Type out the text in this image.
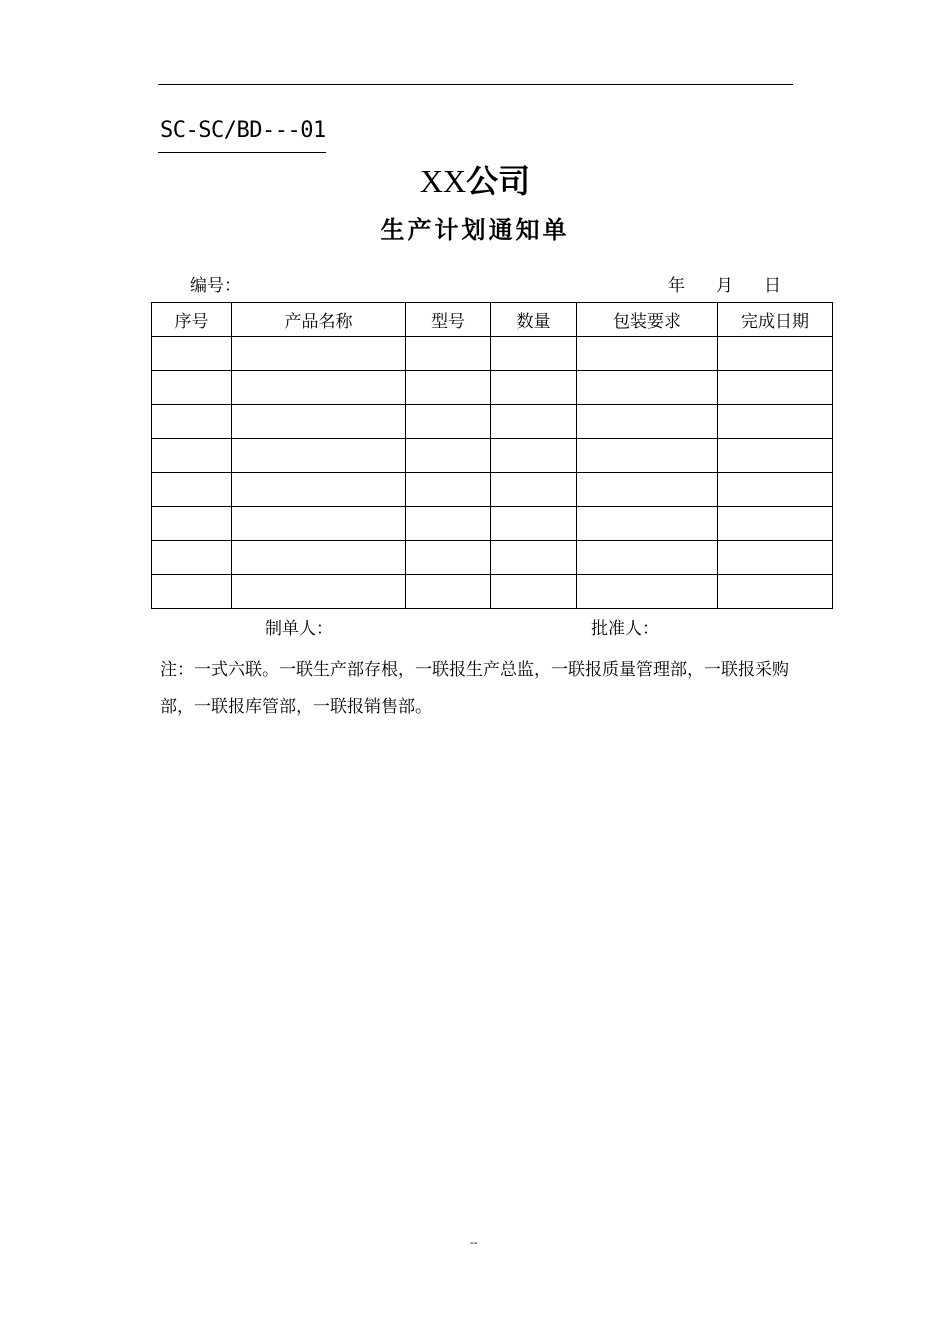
SC-SC/BD---01
XX公司
生产计划通知单
编号：	年 月 日
序号	产品名称	型号	数量	包装要求	完成日期

制单人：	批准人：

注：一式六联。一联生产部存根，一联报生产总监，一联报质量管理部，一联报采购部，一联报库管部，一联报销售部。

--
